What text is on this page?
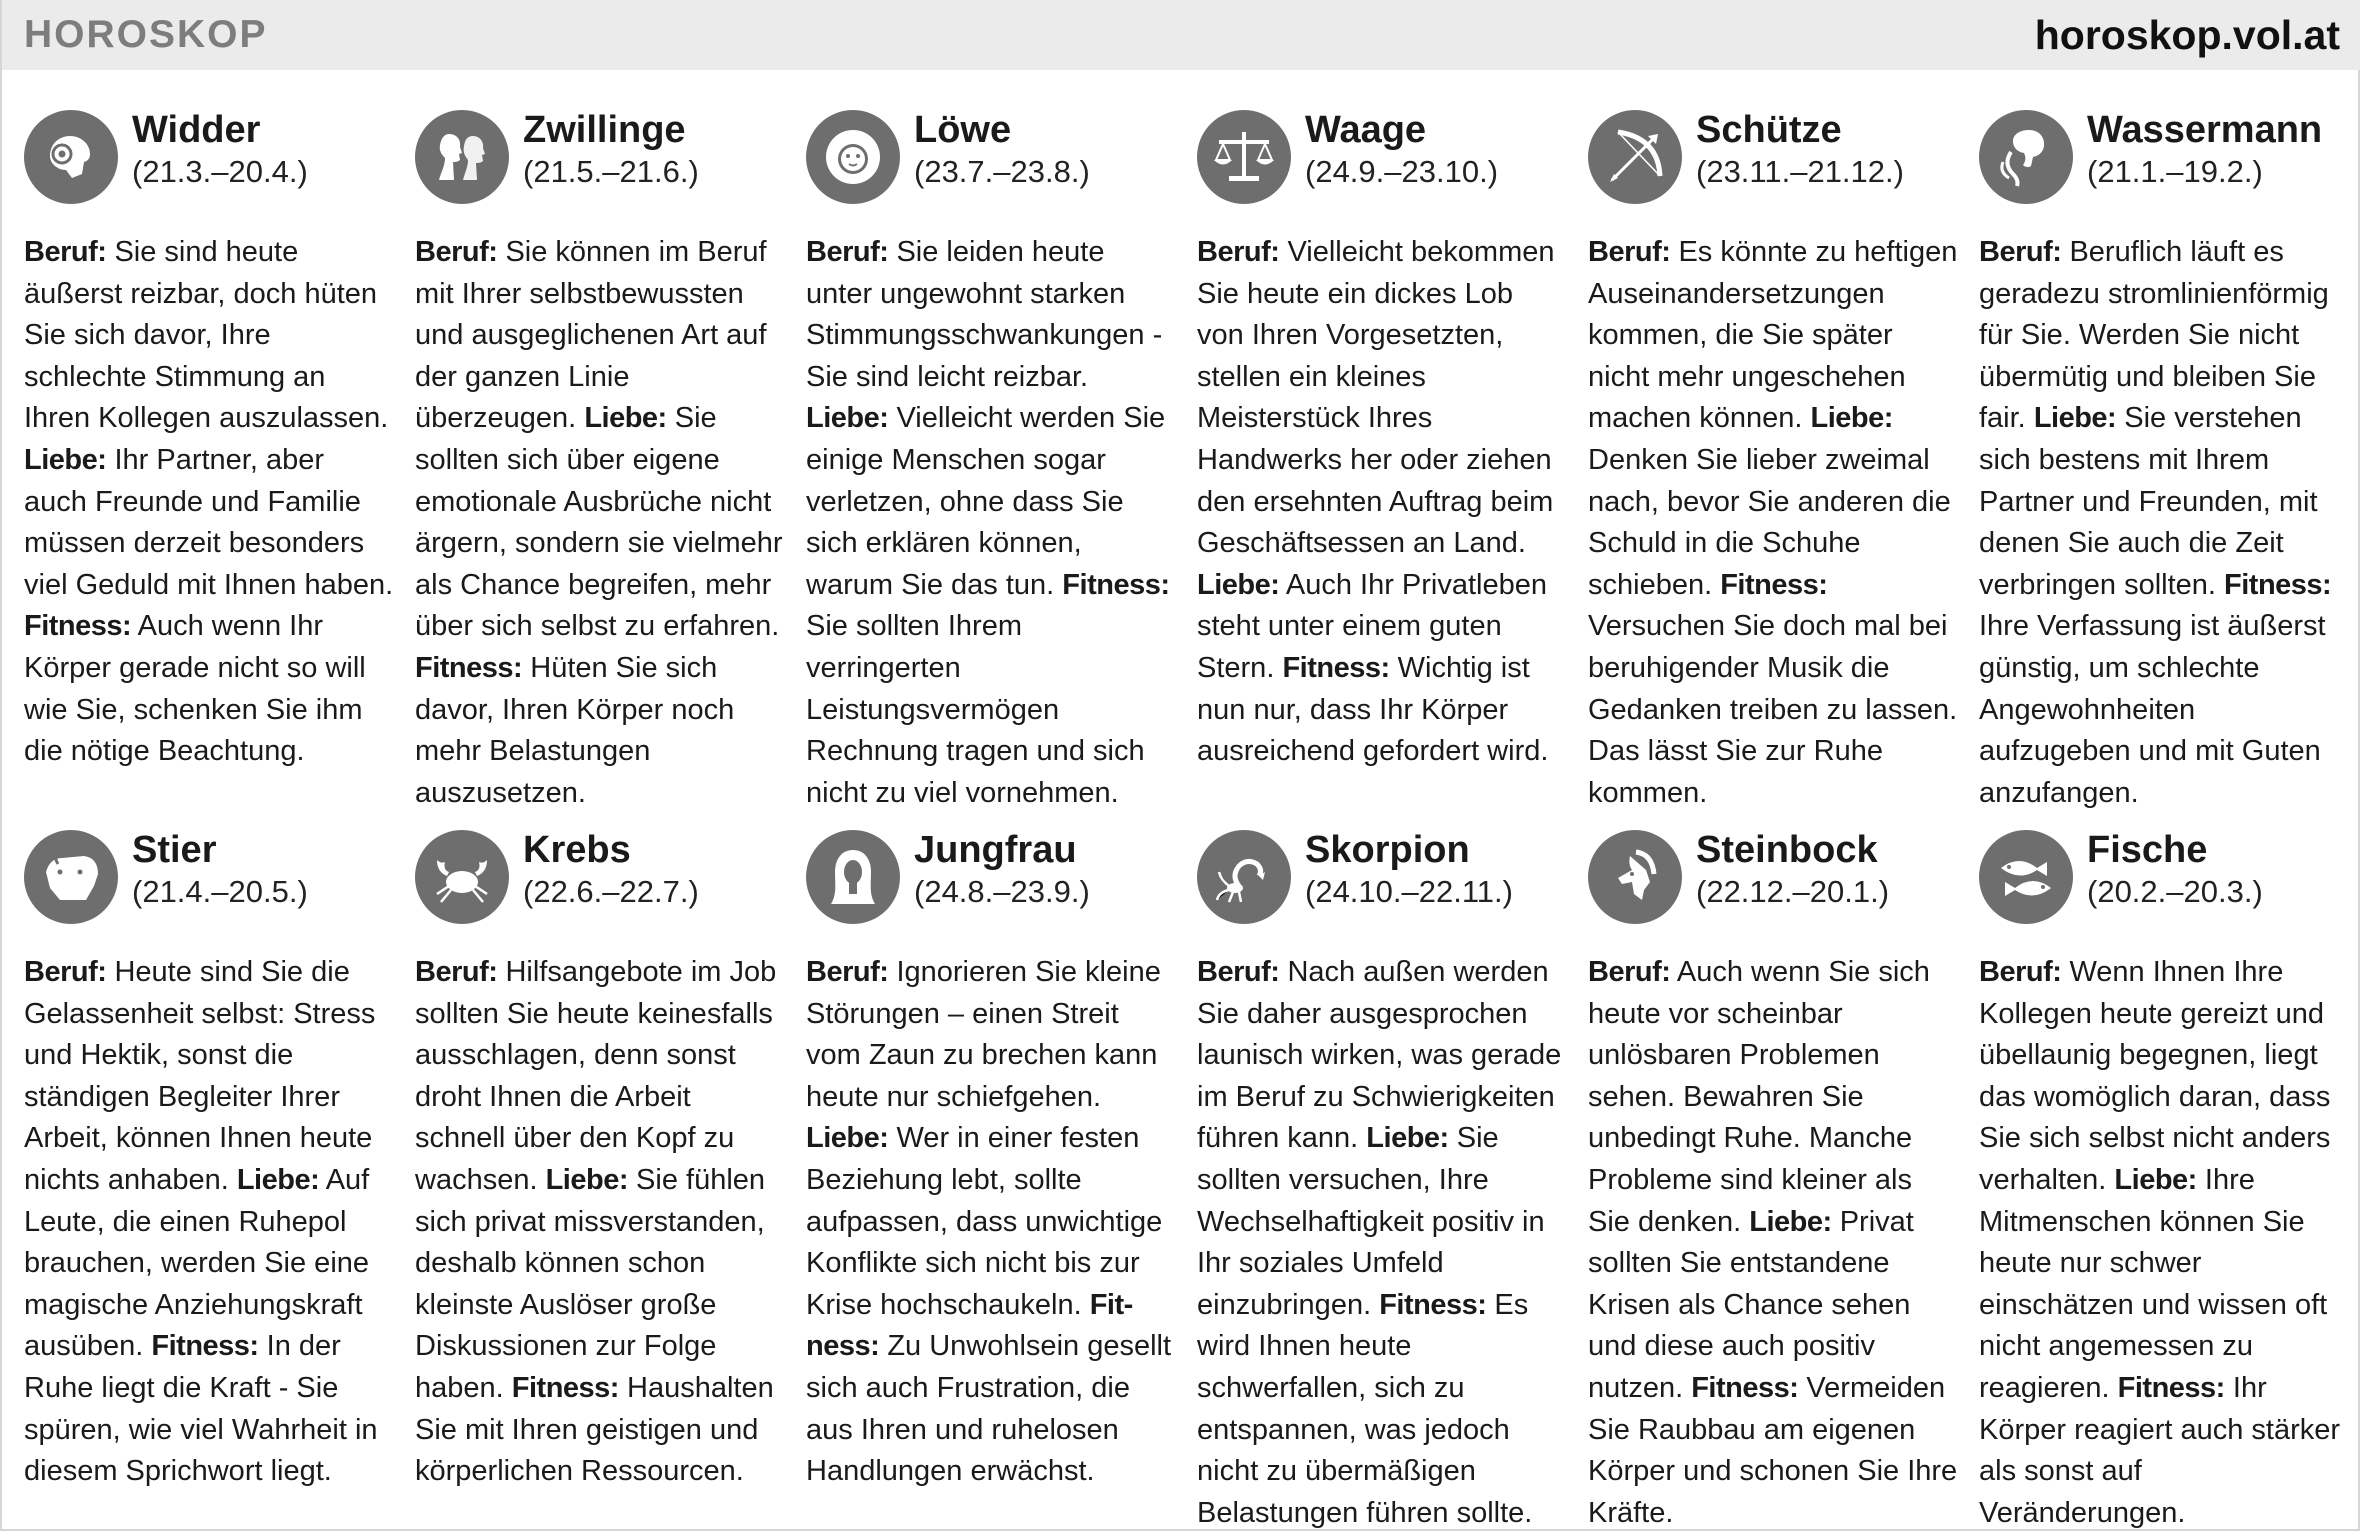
HOROSKOP	horoskop.vol.at
Widder
(21.3.–20.4.)

Beruf: Sie sind heute äußerst reizbar, doch hüten Sie sich davor, Ihre schlechte Stimmung an Ihren Kollegen auszulassen. Liebe: Ihr Partner, aber auch Freunde und Familie müssen derzeit besonders viel Geduld mit Ihnen haben. Fitness: Auch wenn Ihr Körper gerade nicht so will wie Sie, schenken Sie ihm die nötige Beachtung.

Zwillinge
(21.5.–21.6.)

Beruf: Sie können im Beruf mit Ihrer selbstbewussten und ausgeglichenen Art auf der ganzen Linie überzeugen. Liebe: Sie sollten sich über eigene emotionale Ausbrüche nicht ärgern, sondern sie vielmehr als Chance begreifen, mehr über sich selbst zu erfahren. Fitness: Hüten Sie sich davor, Ihren Körper noch mehr Belastungen auszusetzen.

Löwe
(23.7.–23.8.)

Beruf: Sie leiden heute unter ungewohnt starken Stimmungsschwankungen - Sie sind leicht reizbar. Liebe: Vielleicht werden Sie einige Menschen sogar verletzen, ohne dass Sie sich erklären können, warum Sie das tun. Fitness: Sie sollten Ihrem verringerten Leistungsvermögen Rechnung tragen und sich nicht zu viel vornehmen.

Waage
(24.9.–23.10.)

Beruf: Vielleicht bekommen Sie heute ein dickes Lob von Ihren Vorgesetzten, stellen ein kleines Meisterstück Ihres Handwerks her oder ziehen den ersehnten Auftrag beim Geschäftsessen an Land. Liebe: Auch Ihr Privatleben steht unter einem guten Stern. Fitness: Wichtig ist nun nur, dass Ihr Körper ausreichend gefordert wird.

Schütze
(23.11.–21.12.)

Beruf: Es könnte zu heftigen Auseinandersetzungen kommen, die Sie später nicht mehr ungeschehen machen können. Liebe: Denken Sie lieber zweimal nach, bevor Sie anderen die Schuld in die Schuhe schieben. Fitness: Versuchen Sie doch mal bei beruhigender Musik die Gedanken treiben zu lassen. Das lässt Sie zur Ruhe kommen.

Wassermann
(21.1.–19.2.)

Beruf: Beruflich läuft es geradezu stromlinienförmig für Sie. Werden Sie nicht übermütig und bleiben Sie fair. Liebe: Sie verstehen sich bestens mit Ihrem Partner und Freunden, mit denen Sie auch die Zeit verbringen sollten. Fitness: Ihre Verfassung ist äußerst günstig, um schlechte Angewohnheiten aufzugeben und mit Guten anzufangen.

Stier
(21.4.–20.5.)

Beruf: Heute sind Sie die Gelassenheit selbst: Stress und Hektik, sonst die ständigen Begleiter Ihrer Arbeit, können Ihnen heute nichts anhaben. Liebe: Auf Leute, die einen Ruhepol brauchen, werden Sie eine magische Anziehungskraft ausüben. Fitness: In der Ruhe liegt die Kraft - Sie spüren, wie viel Wahrheit in diesem Sprichwort liegt.

Krebs
(22.6.–22.7.)

Beruf: Hilfsangebote im Job sollten Sie heute keinesfalls ausschlagen, denn sonst droht Ihnen die Arbeit schnell über den Kopf zu wachsen. Liebe: Sie fühlen sich privat missverstanden, deshalb können schon kleinste Auslöser große Diskussionen zur Folge haben. Fitness: Haushalten Sie mit Ihren geistigen und körperlichen Ressourcen.

Jungfrau
(24.8.–23.9.)

Beruf: Ignorieren Sie kleine Störungen – einen Streit vom Zaun zu brechen kann heute nur schiefgehen. Liebe: Wer in einer festen Beziehung lebt, sollte aufpassen, dass unwichtige Konflikte sich nicht bis zur Krise hochschaukeln. Fit- ness: Zu Unwohlsein gesellt sich auch Frustration, die aus Ihren und ruhelosen Handlungen erwächst.

Skorpion
(24.10.–22.11.)

Beruf: Nach außen werden Sie daher ausgesprochen launisch wirken, was gerade im Beruf zu Schwierigkeiten führen kann. Liebe: Sie sollten versuchen, Ihre Wechselhaftigkeit positiv in Ihr soziales Umfeld einzubringen. Fitness: Es wird Ihnen heute schwerfallen, sich zu entspannen, was jedoch nicht zu übermäßigen Belastungen führen sollte.

Steinbock
(22.12.–20.1.)

Beruf: Auch wenn Sie sich heute vor scheinbar unlösbaren Problemen sehen. Bewahren Sie unbedingt Ruhe. Manche Probleme sind kleiner als Sie denken. Liebe: Privat sollten Sie entstandene Krisen als Chance sehen und diese auch positiv nutzen. Fitness: Vermeiden Sie Raubbau am eigenen Körper und schonen Sie Ihre Kräfte.

Fische
(20.2.–20.3.)

Beruf: Wenn Ihnen Ihre Kollegen heute gereizt und übellaunig begegnen, liegt das womöglich daran, dass Sie sich selbst nicht anders verhalten. Liebe: Ihre Mitmenschen können Sie heute nur schwer einschätzen und wissen oft nicht angemessen zu reagieren. Fitness: Ihr Körper reagiert auch stärker als sonst auf Veränderungen.
